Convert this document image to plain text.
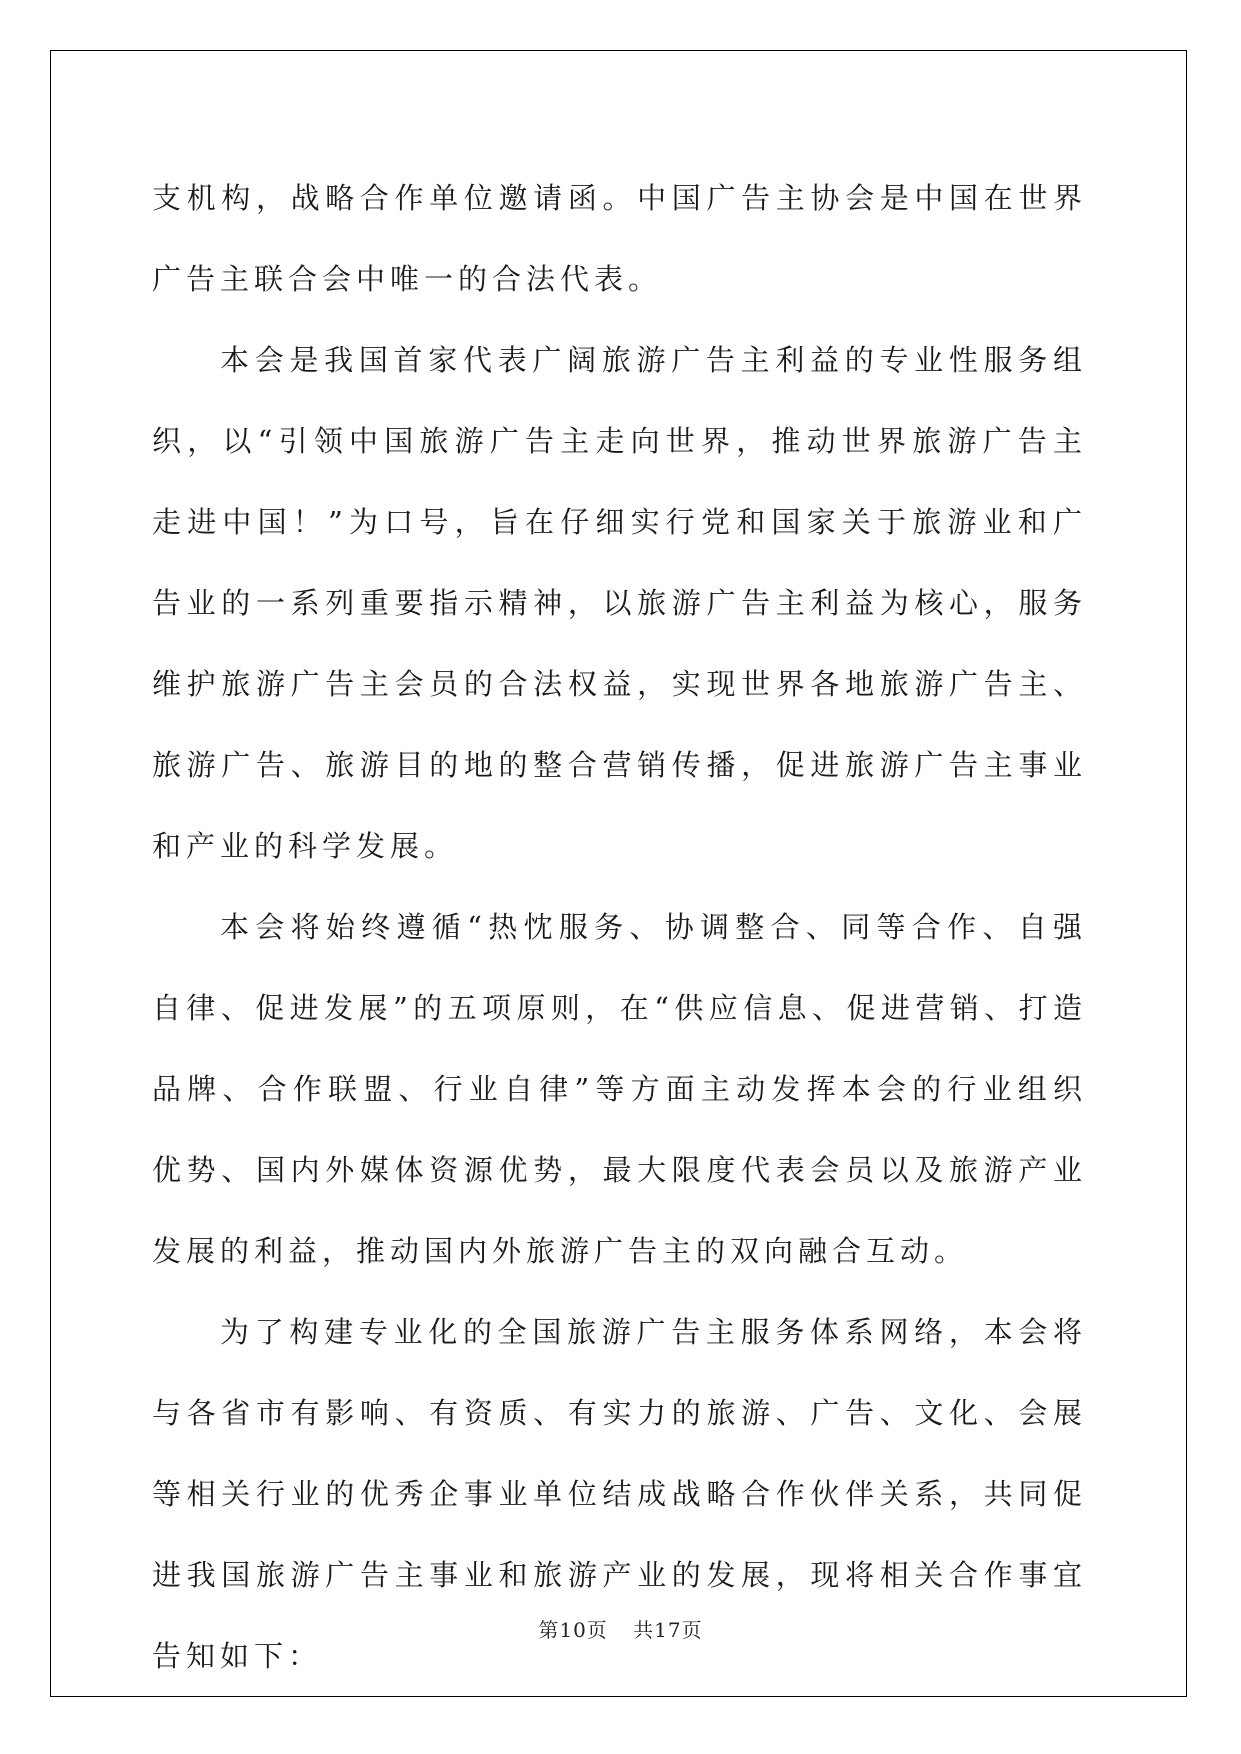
支机构，战略合作单位邀请函。中国广告主协会是中国在世界广告主联合会中唯一的合法代表。

本会是我国首家代表广阔旅游广告主利益的专业性服务组织，以“引领中国旅游广告主走向世界，推动世界旅游广告主走进中国！”为口号，旨在仔细实行党和国家关于旅游业和广告业的一系列重要指示精神，以旅游广告主利益为核心，服务维护旅游广告主会员的合法权益，实现世界各地旅游广告主、旅游广告、旅游目的地的整合营销传播，促进旅游广告主事业和产业的科学发展。

本会将始终遵循“热忱服务、协调整合、同等合作、自强自律、促进发展”的五项原则，在“供应信息、促进营销、打造品牌、合作联盟、行业自律”等方面主动发挥本会的行业组织优势、国内外媒体资源优势，最大限度代表会员以及旅游产业发展的利益，推动国内外旅游广告主的双向融合互动。

为了构建专业化的全国旅游广告主服务体系网络，本会将与各省市有影响、有资质、有实力的旅游、广告、文化、会展等相关行业的优秀企事业单位结成战略合作伙伴关系，共同促进我国旅游广告主事业和旅游产业的发展，现将相关合作事宜告知如下：

第10页 共17页
